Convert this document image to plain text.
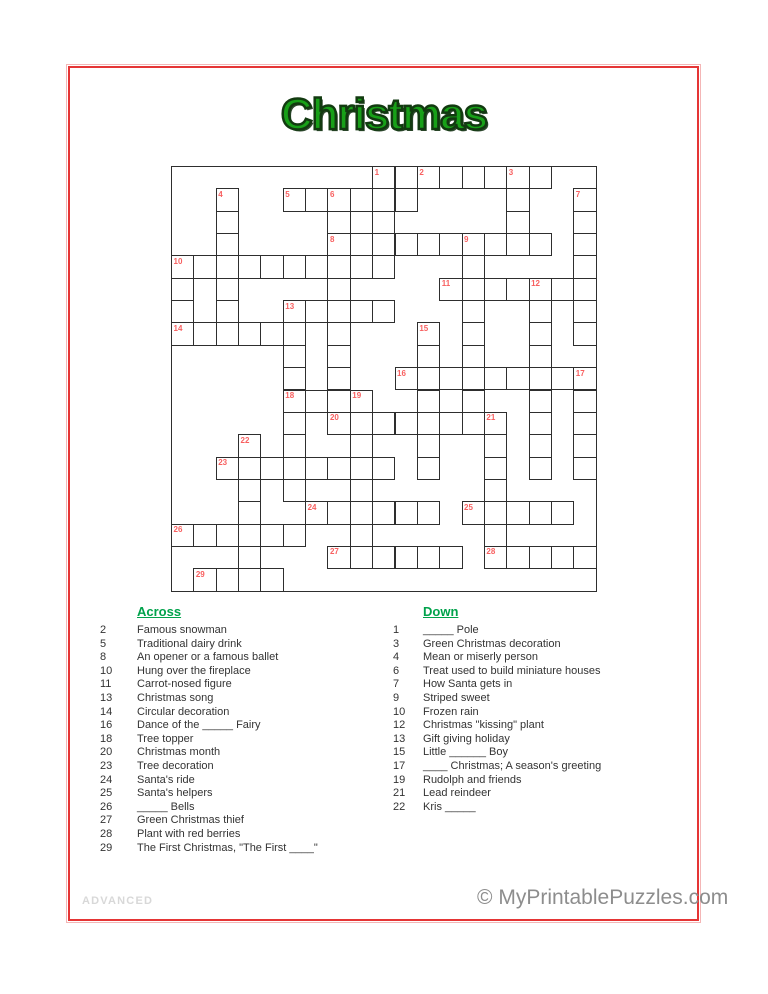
Christmas
1	2	3
4	5	6	7
8	9
10
11	12
13
14	15
16	17
18	19
20	21
22
23
24	25
26
27	28
29
Across
2	Famous snowman
5	Traditional dairy drink
8	An opener or a famous ballet
10	Hung over the fireplace
11	Carrot-nosed figure
13	Christmas song
14	Circular decoration
16	Dance of the _____ Fairy
18	Tree topper
20	Christmas month
23	Tree decoration
24	Santa's ride
25	Santa's helpers
26	_____ Bells
27	Green Christmas thief
28	Plant with red berries
29	The First Christmas, "The First ____"
Down
1	_____ Pole
3	Green Christmas decoration
4	Mean or miserly person
6	Treat used to build miniature houses
7	How Santa gets in
9	Striped sweet
10	Frozen rain
12	Christmas "kissing" plant
13	Gift giving holiday
15	Little ______ Boy
17	____ Christmas; A season's greeting
19	Rudolph and friends
21	Lead reindeer
22	Kris _____
ADVANCED	© MyPrintablePuzzles.com
